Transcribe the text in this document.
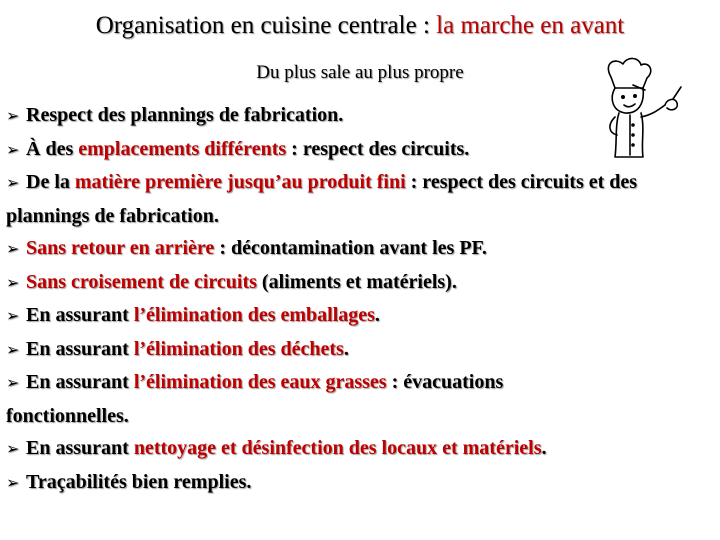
Organisation en cuisine centrale : la marche en avant
Du plus sale au plus propre
➢ Respect des plannings de fabrication.
➢ À des emplacements différents : respect des circuits.
➢ De la matière première jusqu’au produit fini : respect des circuits et des plannings de fabrication.
➢ Sans retour en arrière : décontamination avant les PF.
➢ Sans croisement de circuits (aliments et matériels).
➢ En assurant l’élimination des emballages.
➢ En assurant l’élimination des déchets.
➢ En assurant l’élimination des eaux grasses : évacuations fonctionnelles.
➢ En assurant nettoyage et désinfection des locaux et matériels.
➢ Traçabilités bien remplies.
